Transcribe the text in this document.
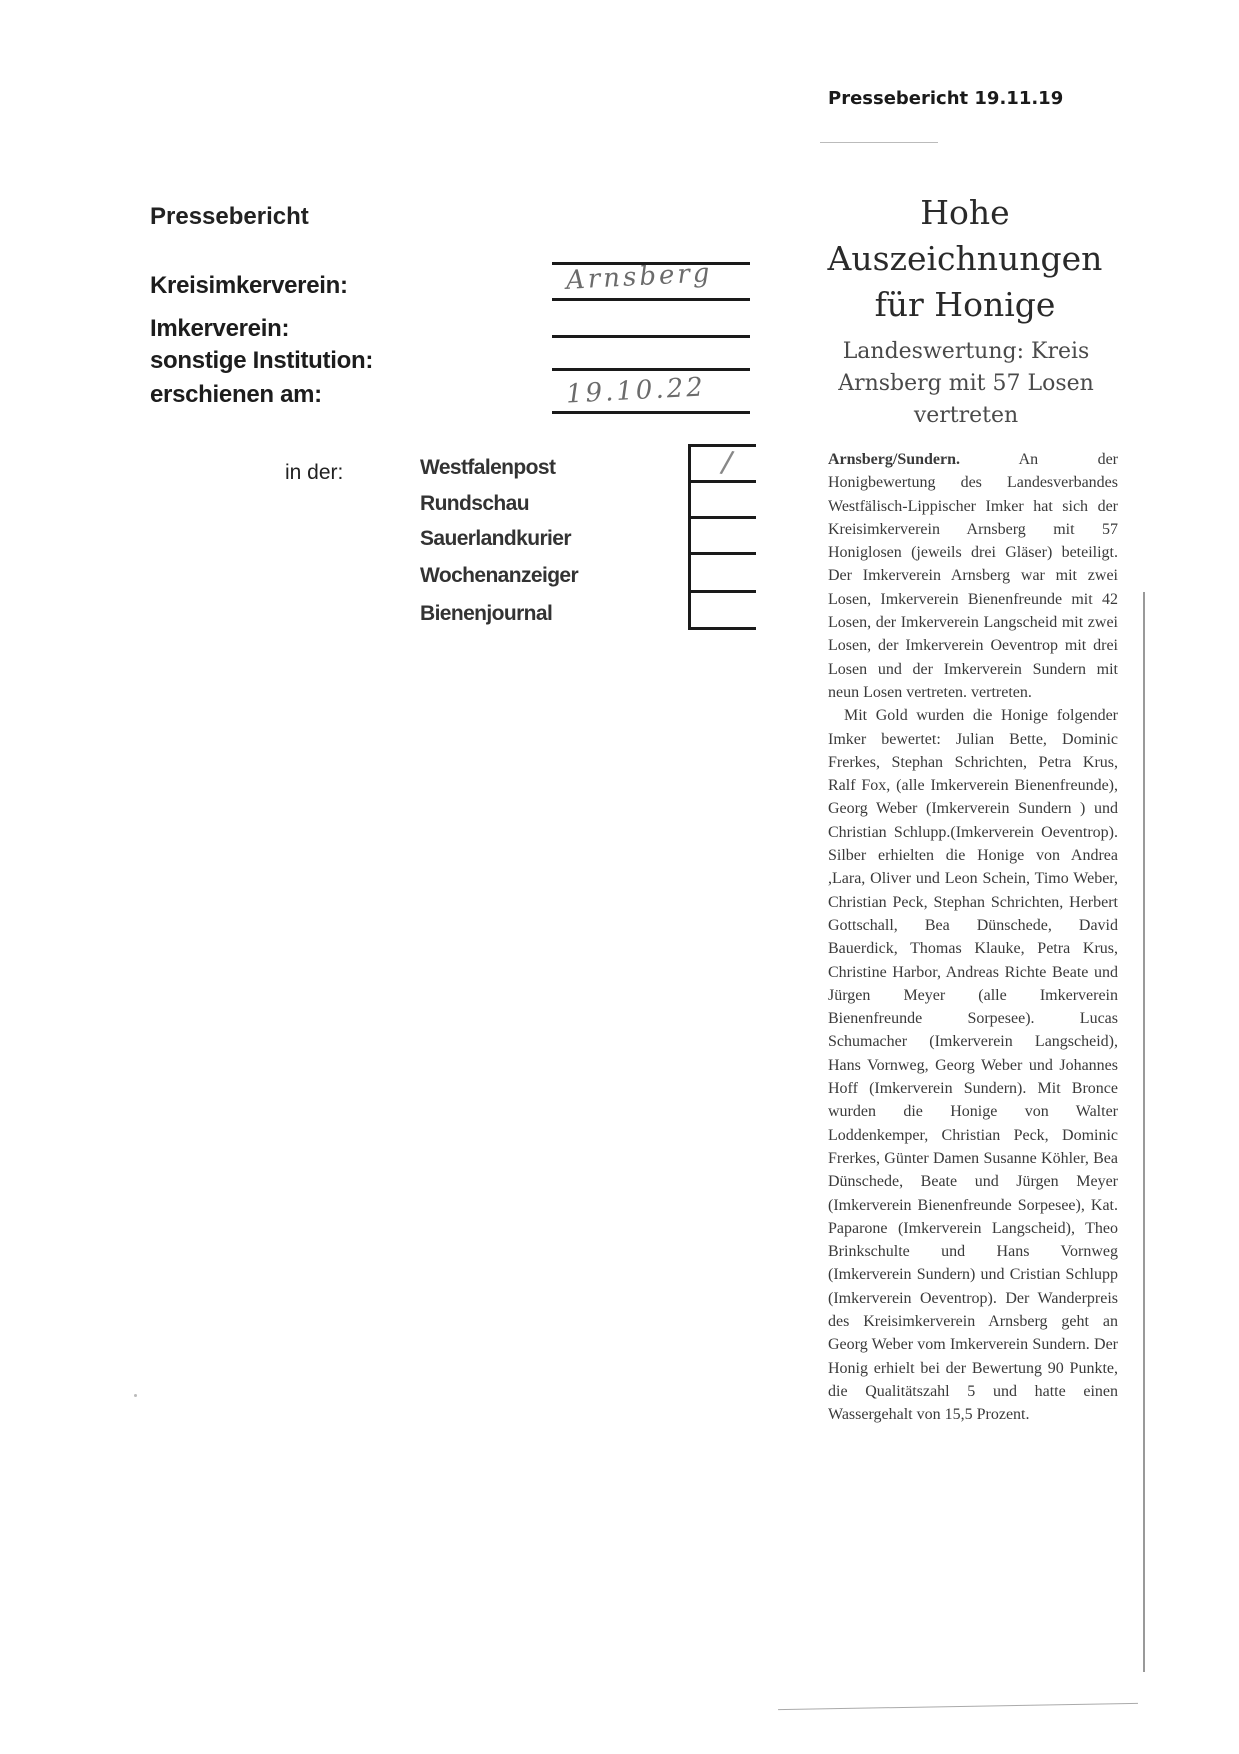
Pressebericht 19.11.19
Pressebericht
Kreisimkerverein:
Imkerverein:
sonstige Institution:
erschienen am:
Arnsberg
19.10.22
in der:	Westfalenpost
Rundschau
Sauerlandkurier
Wochenanzeiger
Bienenjournal
/
Hohe Auszeichnungen für Honige
Landeswertung: Kreis Arnsberg mit 57 Losen vertreten

Arnsberg/Sundern.	An der Honigbewertung des Landesverbandes Westfälisch-Lippischer Imker hat sich der Kreisimkerverein Arnsberg mit 57 Honiglosen (jeweils drei Gläser) beteiligt. Der Imkerverein Arnsberg war mit zwei Losen, Imkerverein Bienenfreunde mit 42 Losen, der Imkerverein Langscheid mit zwei Losen, der Imkerverein Oeventrop mit drei Losen und der Imkerverein Sundern mit neun Losen vertreten. vertreten.

Mit Gold wurden die Honige folgender Imker bewertet: Julian Bette, Dominic Frerkes, Stephan Schrichten, Petra Krus, Ralf Fox, (alle Imkerverein Bienenfreunde), Georg Weber (Imkerverein Sundern ) und Christian Schlupp.(Imkerverein Oeventrop). Silber erhielten die Honige von Andrea ,Lara, Oliver und Leon Schein, Timo Weber, Christian Peck, Stephan Schrichten, Herbert Gottschall, Bea Dünschede, David Bauerdick, Thomas Klauke, Petra Krus, Christine Harbor, Andreas Richte Beate und Jürgen Meyer (alle Imkerverein Bienenfreunde Sorpesee). Lucas Schumacher (Imkerverein Langscheid), Hans Vornweg, Georg Weber und Johannes Hoff (Imkerverein Sundern). Mit Bronce wurden die Honige von Walter Loddenkemper, Christian Peck, Dominic Frerkes, Günter Damen Susanne Köhler, Bea Dünschede, Beate und Jürgen Meyer (Imkerverein Bienenfreunde Sorpesee), Kat. Paparone (Imkerverein Langscheid), Theo Brinkschulte und Hans Vornweg (Imkerverein Sundern) und Cristian Schlupp (Imkerverein Oeventrop). Der Wanderpreis des Kreisimkerverein Arnsberg geht an Georg Weber vom Imkerverein Sundern. Der Honig erhielt bei der Bewertung 90 Punkte, die Qualitätszahl 5 und hatte einen Wassergehalt von 15,5 Prozent.
